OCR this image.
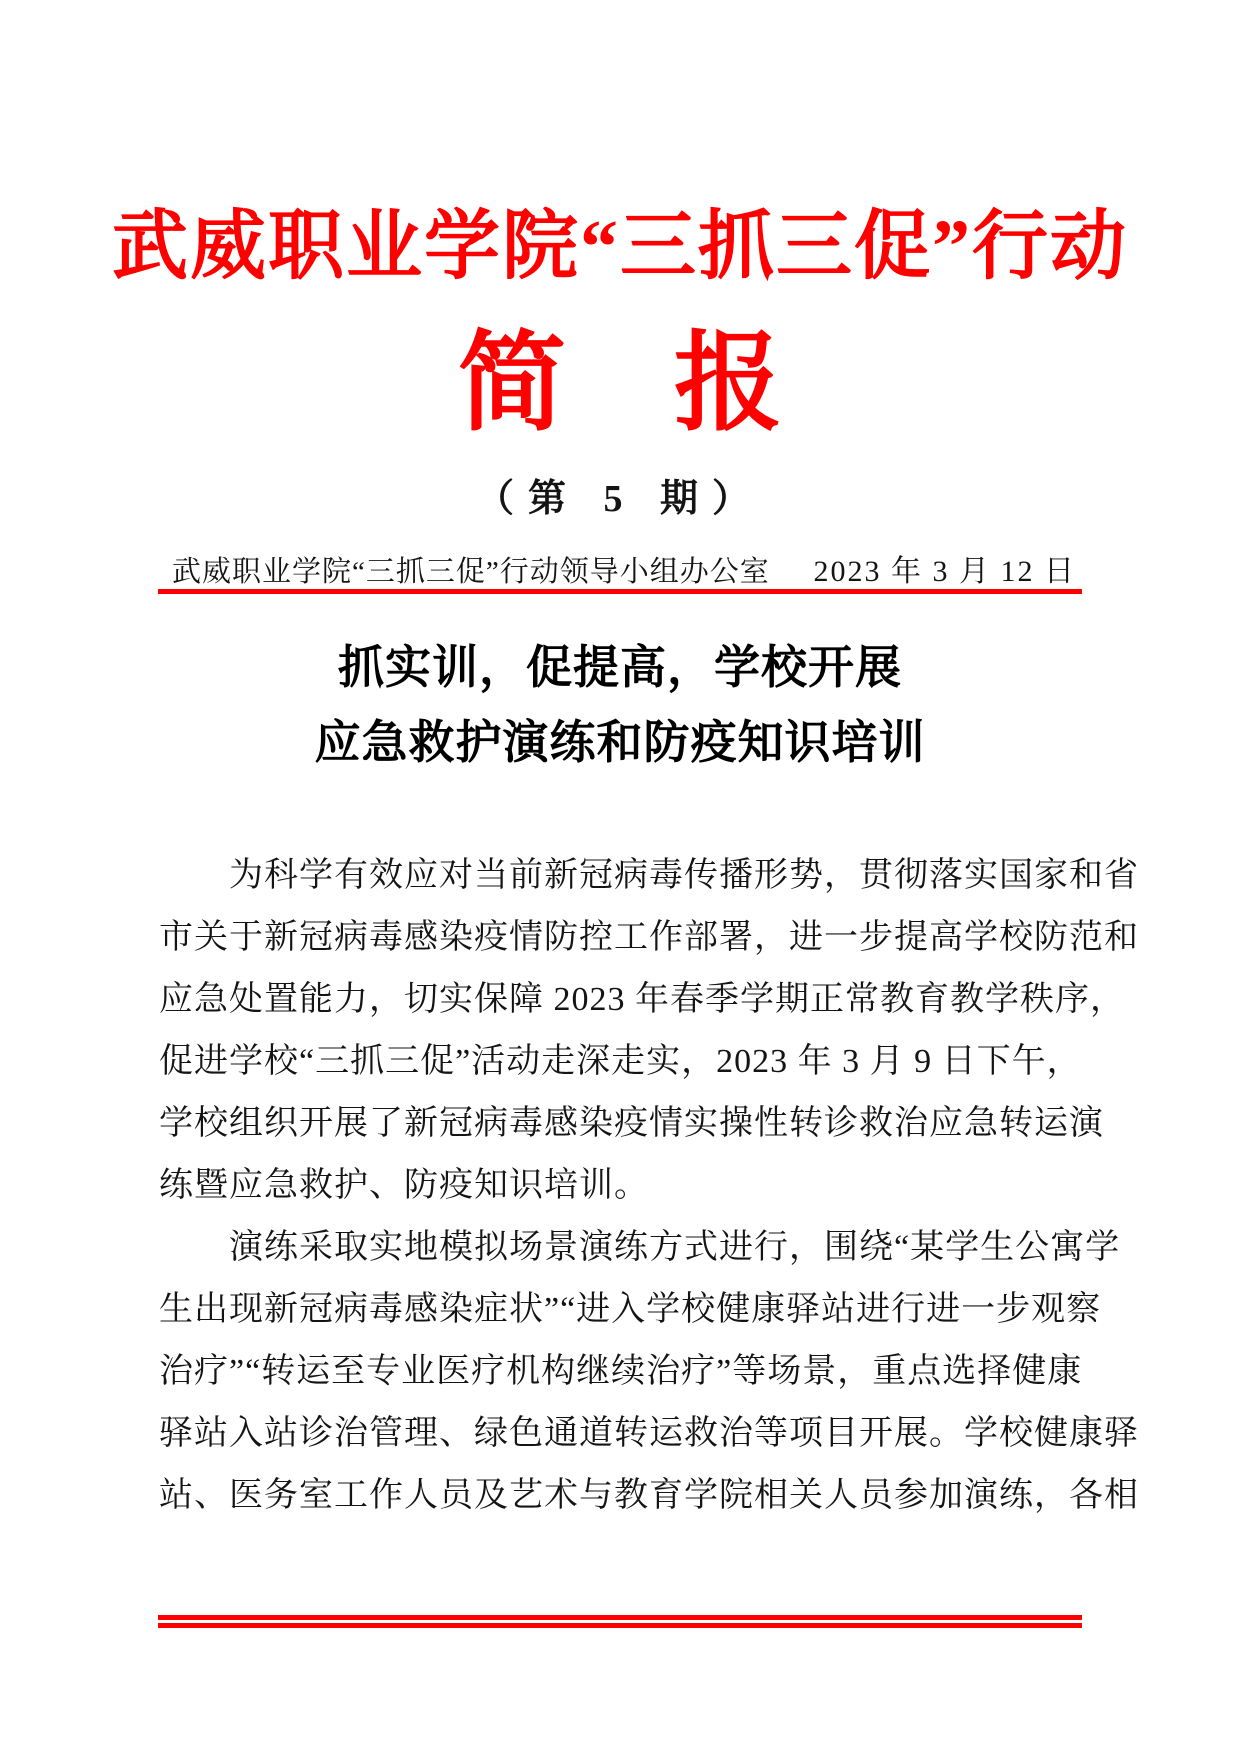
武威职业学院“三抓三促”行动
简　报
（第 5 期）
武威职业学院“三抓三促”行动领导小组办公室 2023 年 3 月 12 日
抓实训，促提高，学校开展
应急救护演练和防疫知识培训
为科学有效应对当前新冠病毒传播形势，贯彻落实国家和省
市关于新冠病毒感染疫情防控工作部署，进一步提高学校防范和
应急处置能力，切实保障 2023 年春季学期正常教育教学秩序，
促进学校“三抓三促”活动走深走实，2023 年 3 月 9 日下午，
学校组织开展了新冠病毒感染疫情实操性转诊救治应急转运演
练暨应急救护、防疫知识培训。
演练采取实地模拟场景演练方式进行，围绕“某学生公寓学
生出现新冠病毒感染症状”“进入学校健康驿站进行进一步观察
治疗”“转运至专业医疗机构继续治疗”等场景，重点选择健康
驿站入站诊治管理、绿色通道转运救治等项目开展。学校健康驿
站、医务室工作人员及艺术与教育学院相关人员参加演练，各相
